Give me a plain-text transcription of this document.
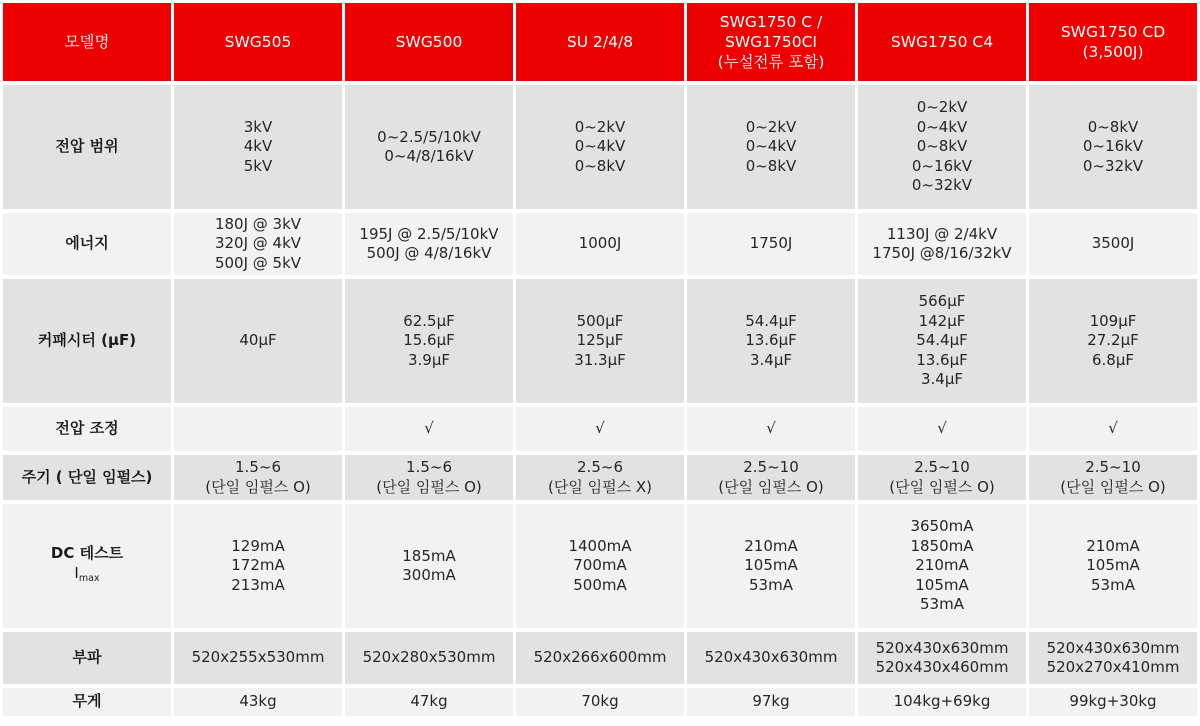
모델명	SWG505	SWG500	SU 2/4/8	SWG1750 C /
SWG1750CI
(누설전류 포함)	SWG1750 C4	SWG1750 CD
(3,500J)

전압 범위	3kV
4kV
5kV	0~2.5/5/10kV
0~4/8/16kV	0~2kV
0~4kV
0~8kV	0~2kV
0~4kV
0~8kV	0~2kV
0~4kV
0~8kV
0~16kV
0~32kV	0~8kV
0~16kV
0~32kV

에너지	180J @ 3kV
320J @ 4kV
500J @ 5kV	195J @ 2.5/5/10kV
500J @ 4/8/16kV	1000J	1750J	1130J @ 2/4kV
1750J @8/16/32kV	3500J

커패시터 (μF)	40μF	62.5μF
15.6μF
3.9μF	500μF
125μF
31.3μF	54.4μF
13.6μF
3.4μF	566μF
142μF
54.4μF
13.6μF
3.4μF	109μF
27.2μF
6.8μF

전압 조정		√	√	√	√	√

주기 ( 단일 임펄스)	1.5~6
(단일 임펄스 O)	1.5~6
(단일 임펄스 O)	2.5~6
(단일 임펄스 X)	2.5~10
(단일 임펄스 O)	2.5~10
(단일 임펄스 O)	2.5~10
(단일 임펄스 O)

DC 테스트
$I_{max}$	129mA
172mA
213mA	185mA
300mA	1400mA
700mA
500mA	210mA
105mA
53mA	3650mA
1850mA
210mA
105mA
53mA	210mA
105mA
53mA

부파	520x255x530mm	520x280x530mm	520x266x600mm	520x430x630mm	520x430x630mm
520x430x460mm	520x430x630mm
520x270x410mm

무게	43kg	47kg	70kg	97kg	104kg+69kg	99kg+30kg
